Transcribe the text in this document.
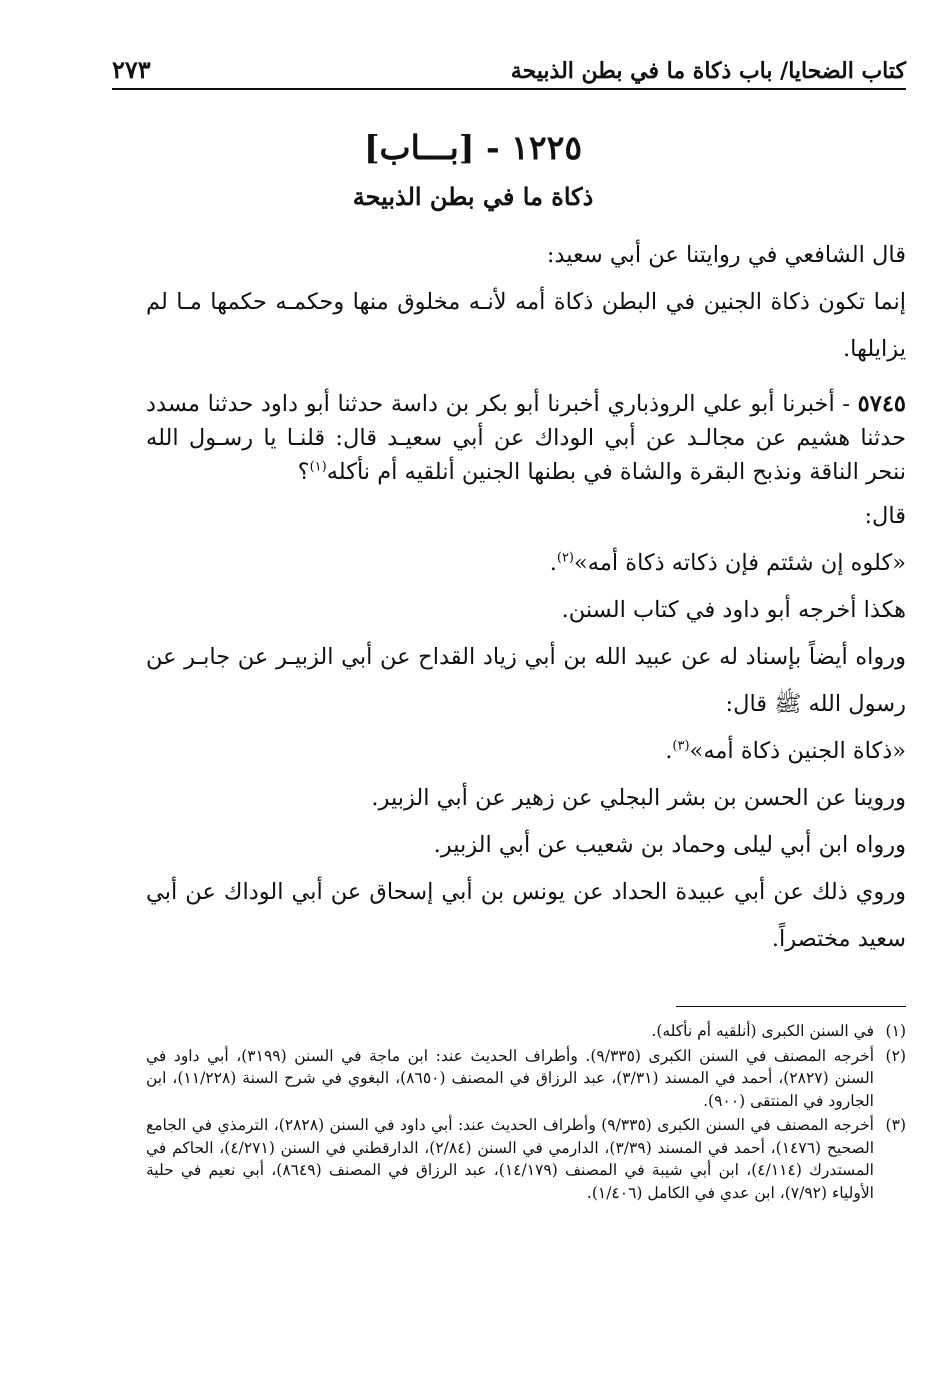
كتاب الضحايا/ باب ذكاة ما في بطن الذبيحة
٢٧٣
١٢٢٥ - [بـــاب]
ذكاة ما في بطن الذبيحة

قال الشافعي في روايتنا عن أبي سعيد:

إنما تكون ذكاة الجنين في البطن ذكاة أمه لأنـه مخلوق منها وحكمـه حكمها مـا لم يزايلها.

٥٧٤٥ - أخبرنا أبو علي الروذباري أخبرنا أبو بكر بن داسة حدثنا أبو داود حدثنا مسدد حدثنا هشيم عن مجالـد عن أبي الوداك عن أبي سعيـد قال: قلنـا يا رسـول الله ننحر الناقة ونذبح البقرة والشاة في بطنها الجنين أنلقيه أم نأكله$^{(١)}$؟

قال:

«كلوه إن شئتم فإن ذكاته ذكاة أمه»$^{(٢)}$.

هكذا أخرجه أبو داود في كتاب السنن.

ورواه أيضاً بإسناد له عن عبيد الله بن أبي زياد القداح عن أبي الزبيـر عن جابـر عن رسول الله ﷺ قال:

«ذكاة الجنين ذكاة أمه»$^{(٣)}$.

وروينا عن الحسن بن بشر البجلي عن زهير عن أبي الزبير.

ورواه ابن أبي ليلى وحماد بن شعيب عن أبي الزبير.

وروي ذلك عن أبي عبيدة الحداد عن يونس بن أبي إسحاق عن أبي الوداك عن أبي سعيد مختصراً.

(١)
في السنن الكبرى (أنلقيه أم نأكله).
(٢)
أخرجه المصنف في السنن الكبرى (٩/٣٣٥). وأطراف الحديث عند: ابن ماجة في السنن (٣١٩٩)، أبي داود في السنن (٢٨٢٧)، أحمد في المسند (٣/٣١)، عبد الرزاق في المصنف (٨٦٥٠)، البغوي في شرح السنة (١١/٢٢٨)، ابن الجارود في المنتقى (٩٠٠).
(٣)
أخرجه المصنف في السنن الكبرى (٩/٣٣٥) وأطراف الحديث عند: أبي داود في السنن (٢٨٢٨)، الترمذي في الجامع الصحيح (١٤٧٦)، أحمد في المسند (٣/٣٩)، الدارمي في السنن (٢/٨٤)، الدارقطني في السنن (٤/٢٧١)، الحاكم في المستدرك (٤/١١٤)، ابن أبي شيبة في المصنف (١٤/١٧٩)، عبد الرزاق في المصنف (٨٦٤٩)، أبي نعيم في حلية الأولياء (٧/٩٢)، ابن عدي في الكامل (١/٤٠٦).
